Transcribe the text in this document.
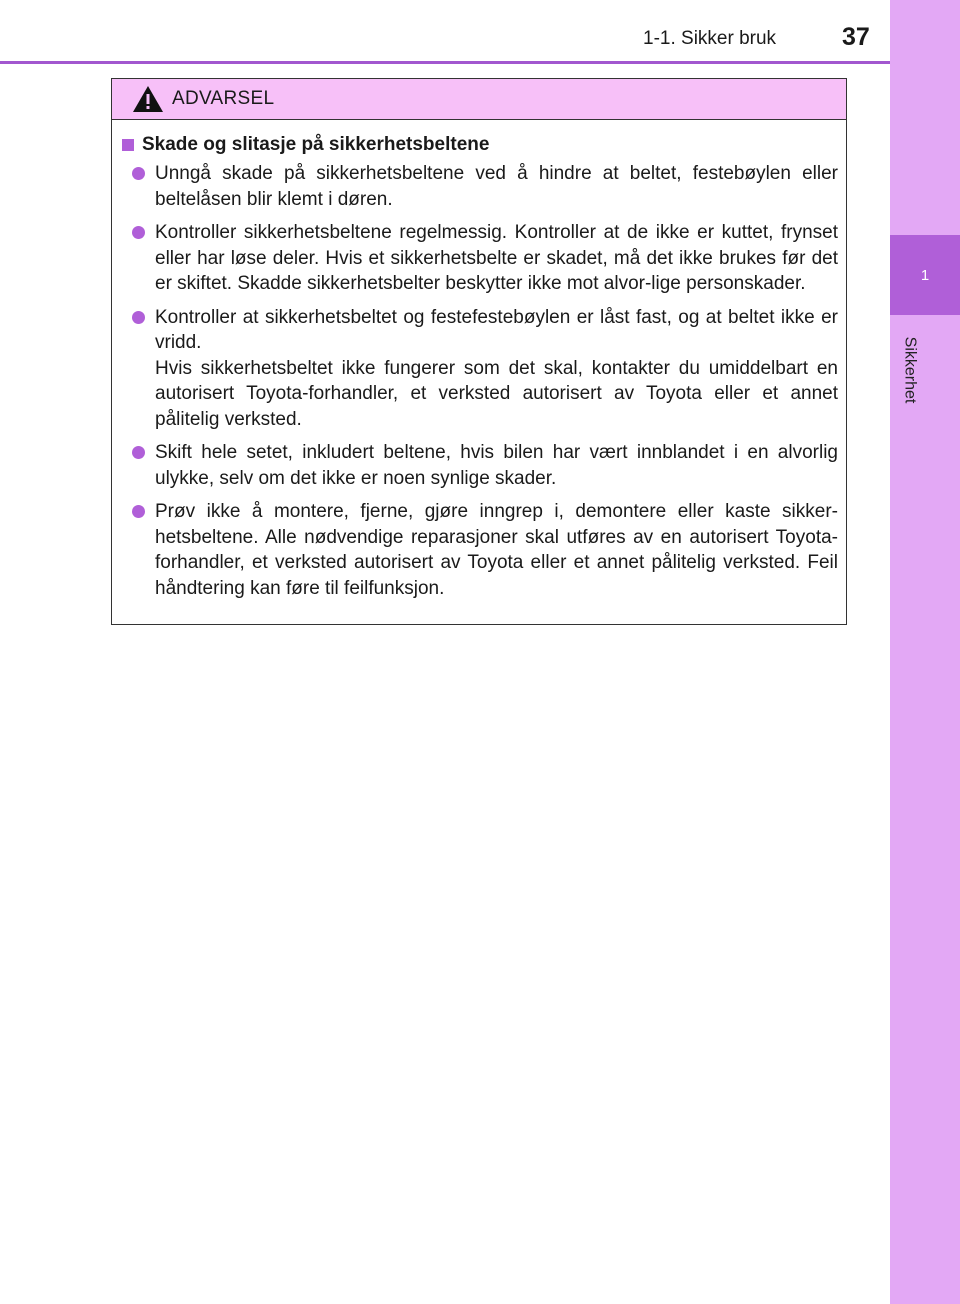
1
Sikkerhet
1-1. Sikker bruk	37
ADVARSEL
Skade og slitasje på sikkerhetsbeltene

Unngå skade på sikkerhetsbeltene ved å hindre at beltet, festebøylen eller beltelåsen blir klemt i døren.

Kontroller sikkerhetsbeltene regelmessig. Kontroller at de ikke er kuttet, frynset eller har løse deler. Hvis et sikkerhetsbelte er skadet, må det ikke brukes før det er skiftet. Skadde sikkerhetsbelter beskytter ikke mot alvor-lige personskader.

Kontroller at sikkerhetsbeltet og festefestebøylen er låst fast, og at beltet ikke er vridd.

Hvis sikkerhetsbeltet ikke fungerer som det skal, kontakter du umiddelbart en autorisert Toyota-forhandler, et verksted autorisert av Toyota eller et annet pålitelig verksted.

Skift hele setet, inkludert beltene, hvis bilen har vært innblandet i en alvorlig ulykke, selv om det ikke er noen synlige skader.

Prøv ikke å montere, fjerne, gjøre inngrep i, demontere eller kaste sikker-hetsbeltene. Alle nødvendige reparasjoner skal utføres av en autorisert Toyota-forhandler, et verksted autorisert av Toyota eller et annet pålitelig verksted. Feil håndtering kan føre til feilfunksjon.
